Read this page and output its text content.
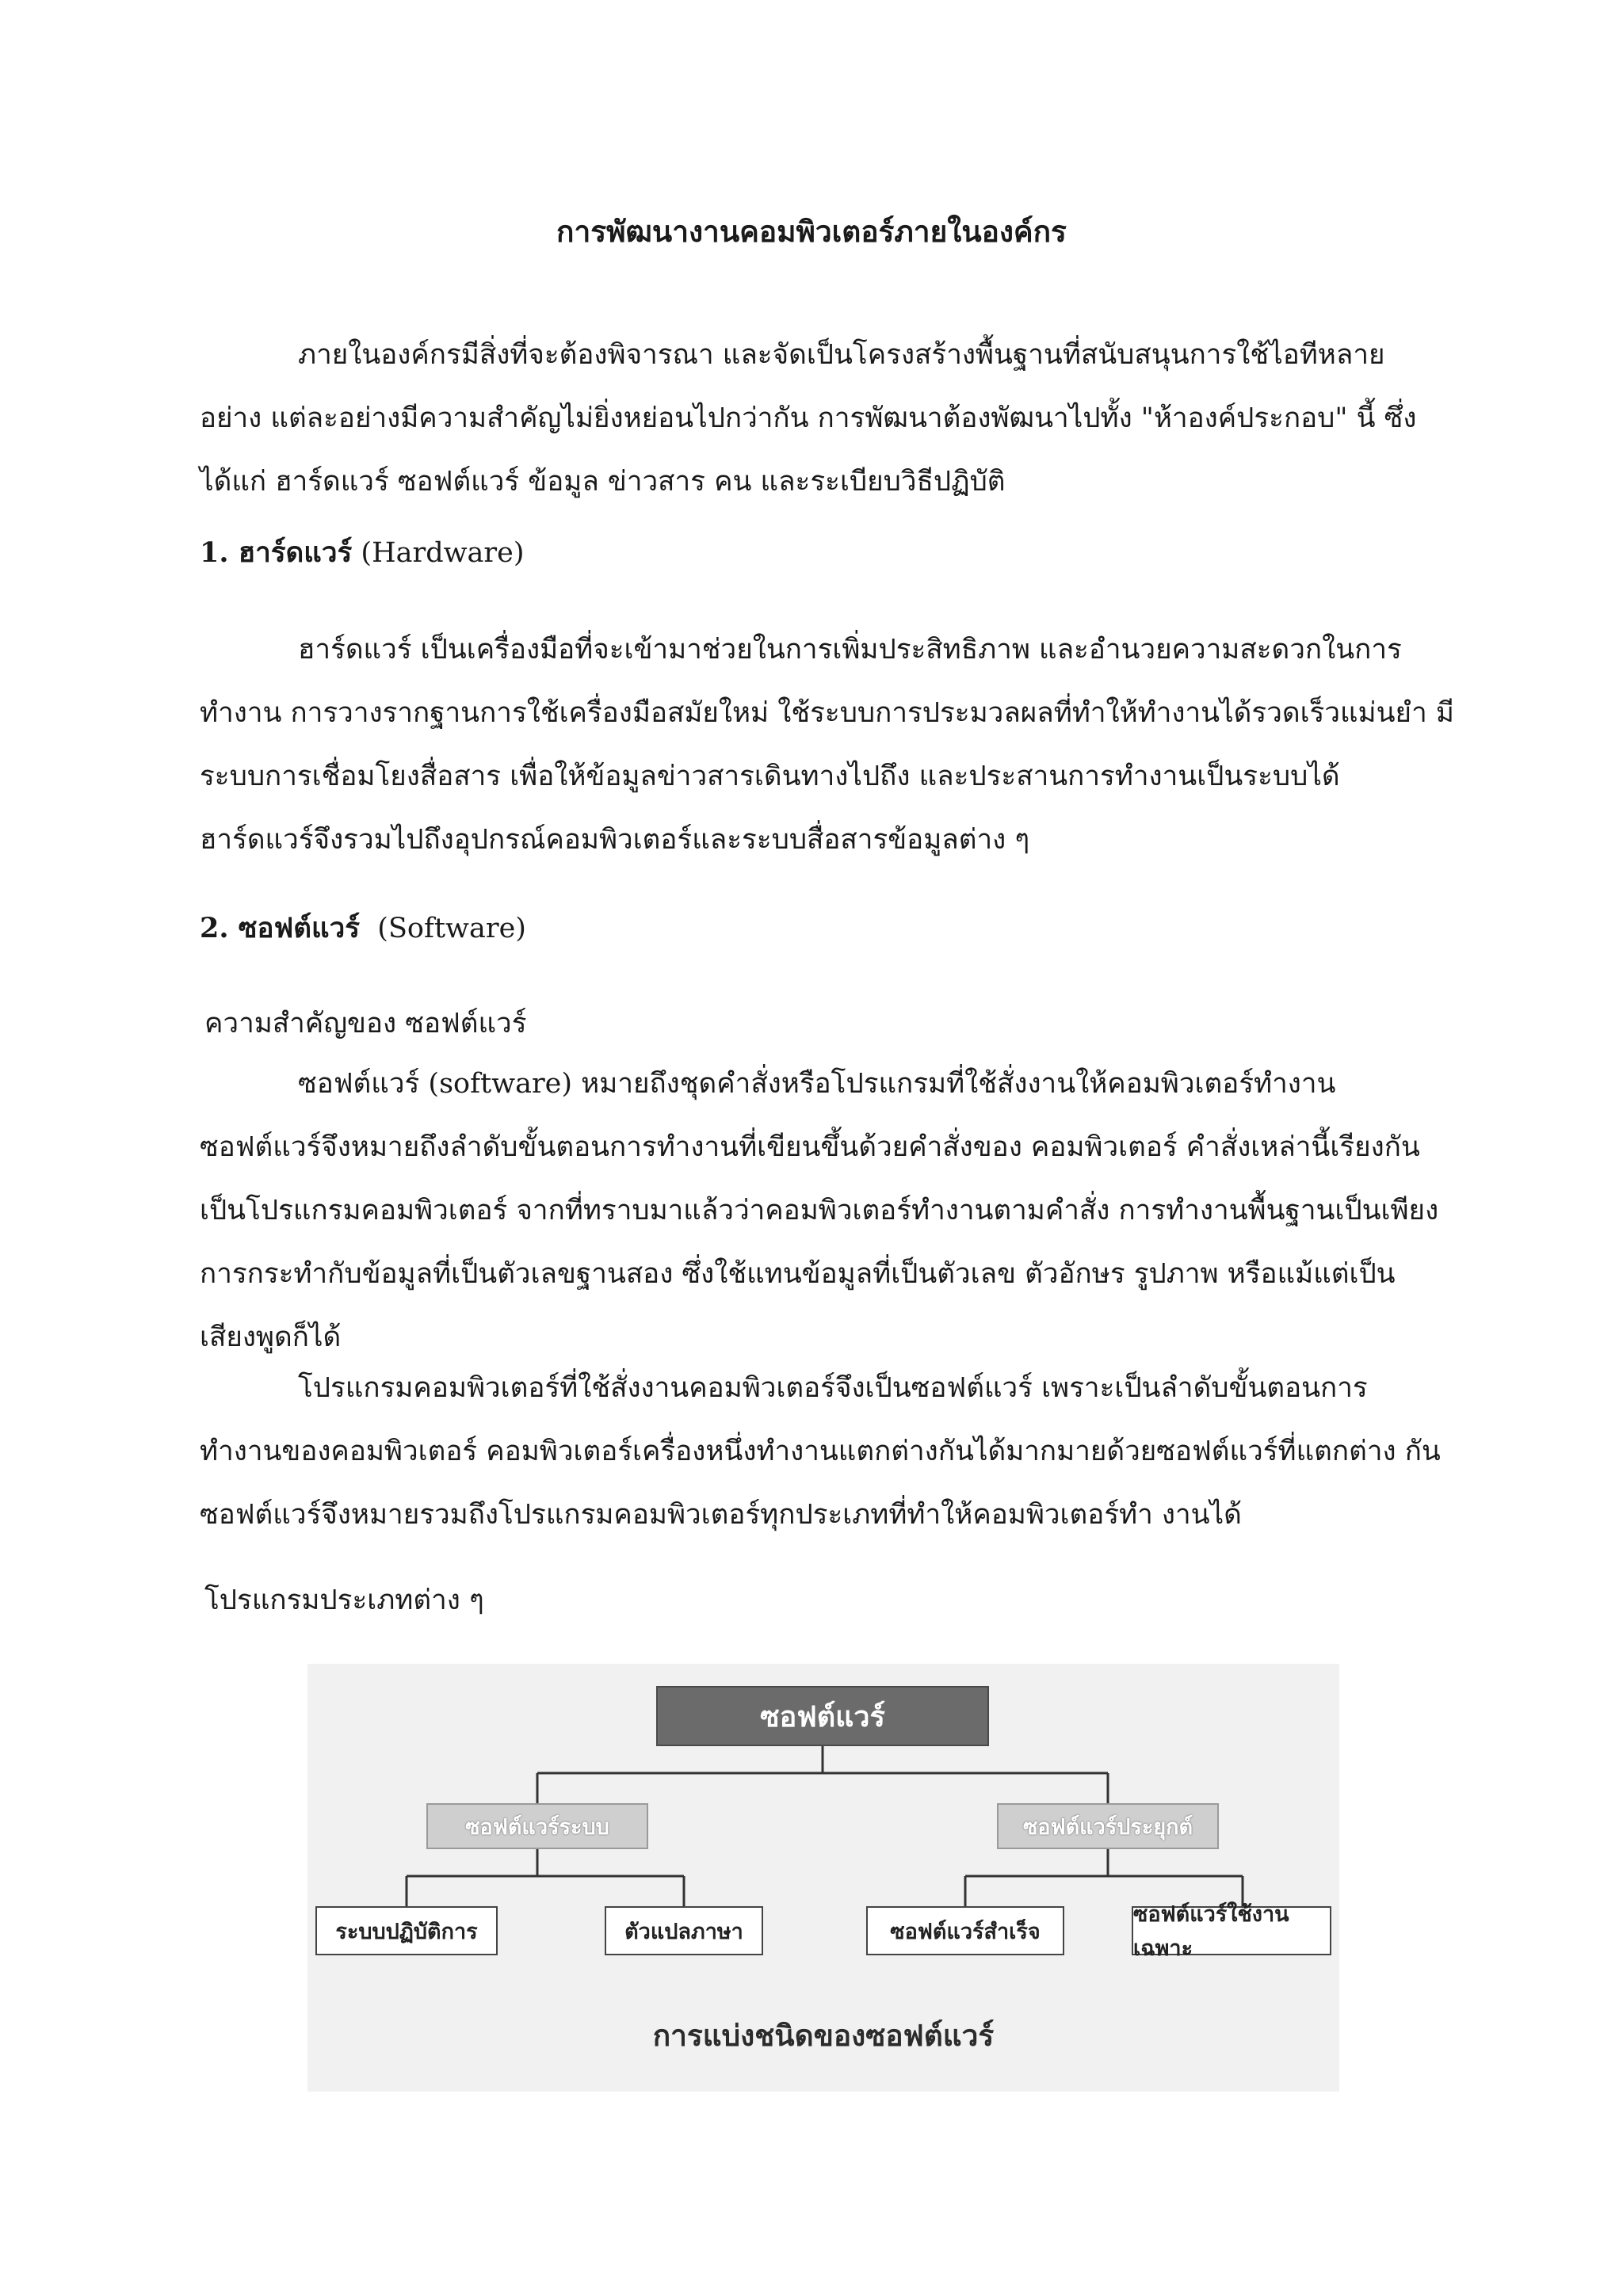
การพัฒนางานคอมพิวเตอร์ภายในองค์กร
ภายในองค์กรมีสิ่งที่จะต้องพิจารณา และจัดเป็นโครงสร้างพื้นฐานที่สนับสนุนการใช้ไอทีหลาย
อย่าง แต่ละอย่างมีความสำคัญไม่ยิ่งหย่อนไปกว่ากัน การพัฒนาต้องพัฒนาไปทั้ง "ห้าองค์ประกอบ" นี้ ซึ่ง
ได้แก่ ฮาร์ดแวร์ ซอฟต์แวร์ ข้อมูล ข่าวสาร คน และระเบียบวิธีปฏิบัติ
1. ฮาร์ดแวร์ (Hardware)
ฮาร์ดแวร์ เป็นเครื่องมือที่จะเข้ามาช่วยในการเพิ่มประสิทธิภาพ และอำนวยความสะดวกในการ
ทำงาน การวางรากฐานการใช้เครื่องมือสมัยใหม่ ใช้ระบบการประมวลผลที่ทำให้ทำงานได้รวดเร็วแม่นยำ มี
ระบบการเชื่อมโยงสื่อสาร เพื่อให้ข้อมูลข่าวสารเดินทางไปถึง และประสานการทำงานเป็นระบบได้
ฮาร์ดแวร์จึงรวมไปถึงอุปกรณ์คอมพิวเตอร์และระบบสื่อสารข้อมูลต่าง ๆ
2. ซอฟต์แวร์ (Software)
ความสำคัญของ ซอฟต์แวร์
ซอฟต์แวร์ (software) หมายถึงชุดคำสั่งหรือโปรแกรมที่ใช้สั่งงานให้คอมพิวเตอร์ทำงาน
ซอฟต์แวร์จึงหมายถึงลำดับขั้นตอนการทำงานที่เขียนขึ้นด้วยคำสั่งของ คอมพิวเตอร์ คำสั่งเหล่านี้เรียงกัน
เป็นโปรแกรมคอมพิวเตอร์ จากที่ทราบมาแล้วว่าคอมพิวเตอร์ทำงานตามคำสั่ง การทำงานพื้นฐานเป็นเพียง
การกระทำกับข้อมูลที่เป็นตัวเลขฐานสอง ซึ่งใช้แทนข้อมูลที่เป็นตัวเลข ตัวอักษร รูปภาพ หรือแม้แต่เป็น
เสียงพูดก็ได้
โปรแกรมคอมพิวเตอร์ที่ใช้สั่งงานคอมพิวเตอร์จึงเป็นซอฟต์แวร์ เพราะเป็นลำดับขั้นตอนการ
ทำงานของคอมพิวเตอร์ คอมพิวเตอร์เครื่องหนึ่งทำงานแตกต่างกันได้มากมายด้วยซอฟต์แวร์ที่แตกต่าง กัน
ซอฟต์แวร์จึงหมายรวมถึงโปรแกรมคอมพิวเตอร์ทุกประเภทที่ทำให้คอมพิวเตอร์ทำ งานได้
โปรแกรมประเภทต่าง ๆ
ซอฟต์แวร์
ซอฟต์แวร์ระบบ	ซอฟต์แวร์ประยุกต์
ระบบปฏิบัติการ	ตัวแปลภาษา	ซอฟต์แวร์สำเร็จ
ซอฟต์แวร์ใช้งานเฉพาะ
การแบ่งชนิดของซอฟต์แวร์
